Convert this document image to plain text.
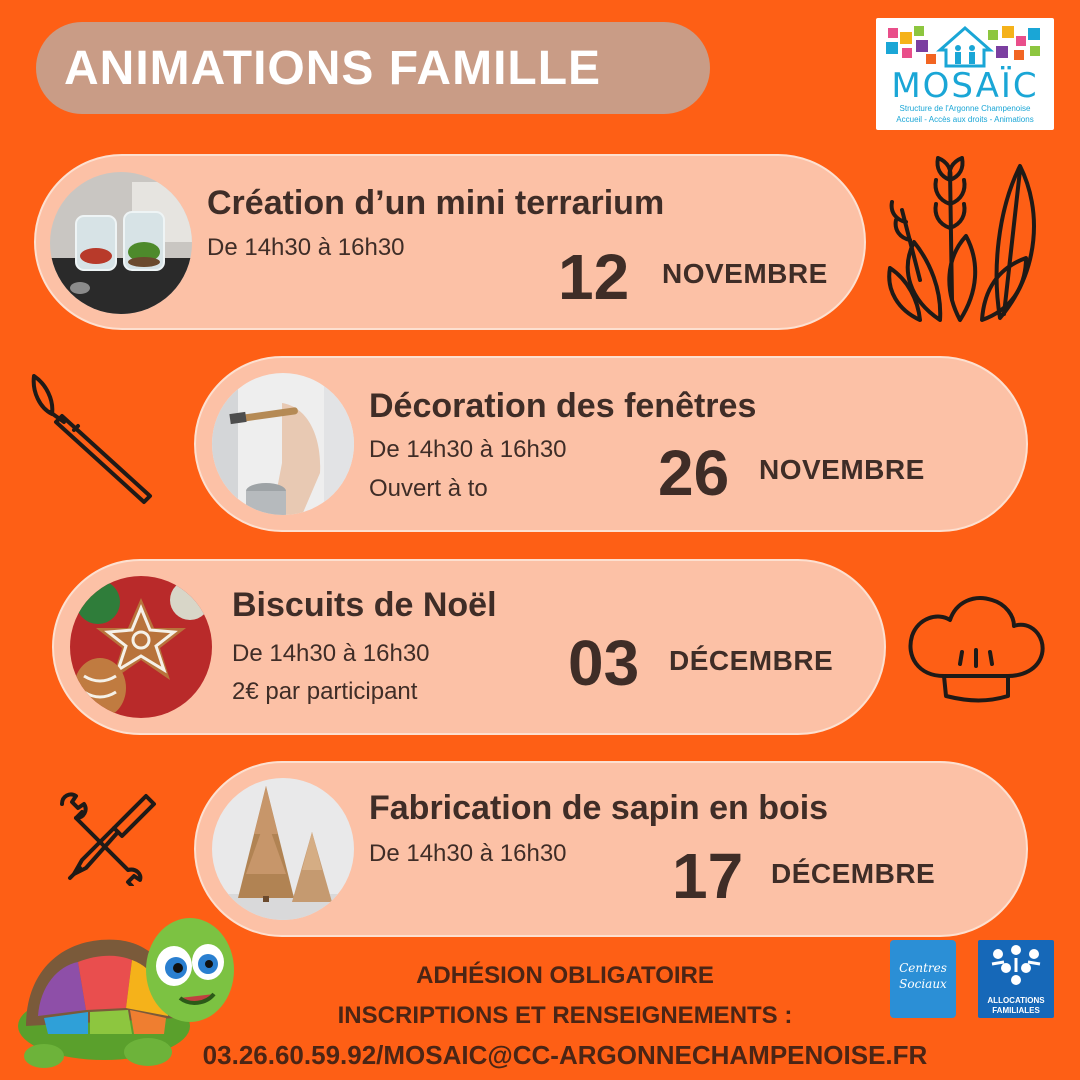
ANIMATIONS FAMILLE	MOSAÏC
Structure de l'Argonne Champenoise
Accueil - Accès aux droits - Animations
Création d’un mini terrarium
De 14h30 à 16h30 12 NOVEMBRE
Décoration des fenêtres
De 14h30 à 16h30
Ouvert à to	26 NOVEMBRE
Biscuits de Noël
De 14h30 à 16h30
2€ par participant 03 DÉCEMBRE
Fabrication de sapin en bois
De 14h30 à 16h30 17 DÉCEMBRE
ADHÉSION OBLIGATOIRE
INSCRIPTIONS ET RENSEIGNEMENTS :
03.26.60.59.92/MOSAIC@CC-ARGONNECHAMPENOISE.FR
Centres Sociaux
ALLOCATIONS
FAMILIALES
